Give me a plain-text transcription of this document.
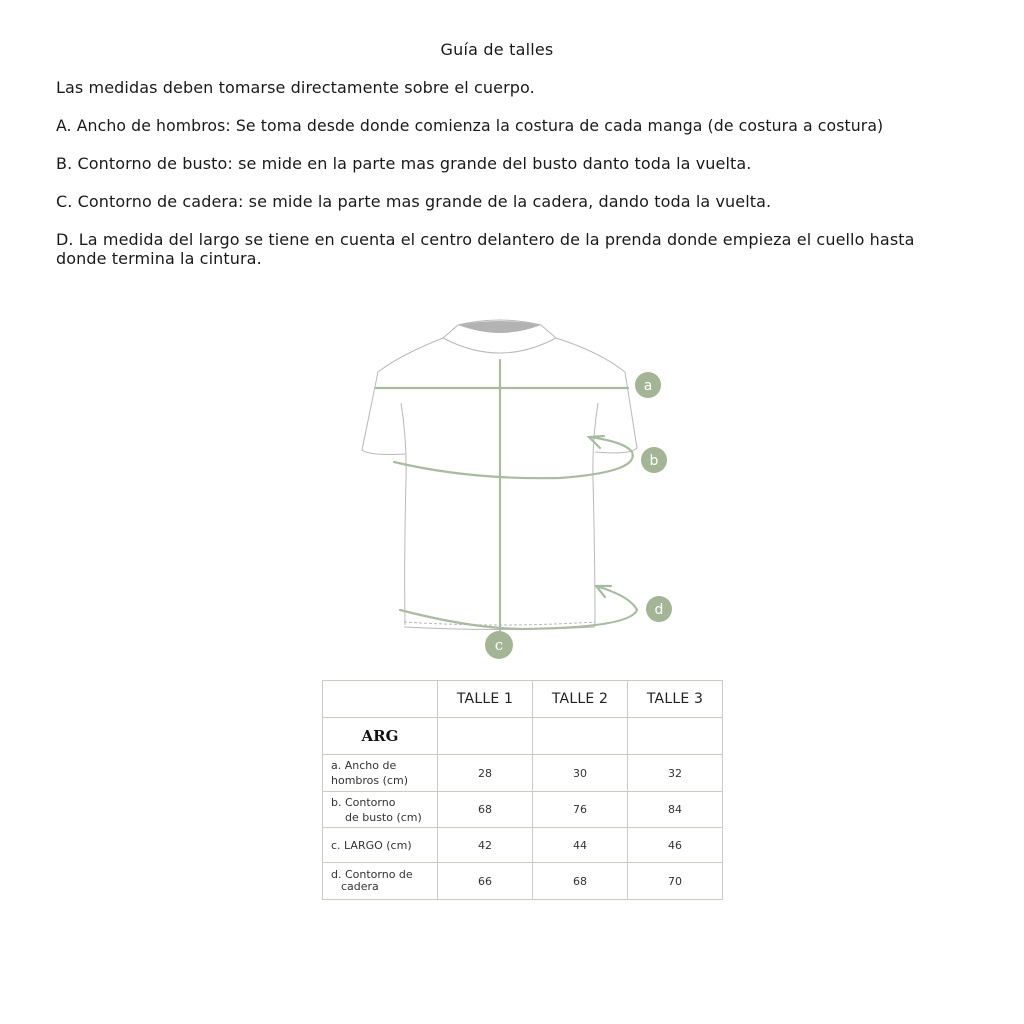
Guía de talles
Las medidas deben tomarse directamente sobre el cuerpo.
A. Ancho de hombros: Se toma desde donde comienza la costura de cada manga (de costura a costura)
B. Contorno de busto: se mide en la parte mas grande del busto danto toda la vuelta.
C. Contorno de cadera: se mide la parte mas grande de la cadera, dando toda la vuelta.
D. La medida del largo se tiene en cuenta el centro delantero de la prenda donde empieza el cuello hasta donde termina la cintura.
a
b
c
d
	TALLE 1	TALLE 2	TALLE 3
ARG			

a. Ancho de
hombros (cm)	28	30	32

b. Contorno
de busto (cm)	68	76	84

c. LARGO (cm)	42	44	46

d. Contorno de
cadera	66	68	70
